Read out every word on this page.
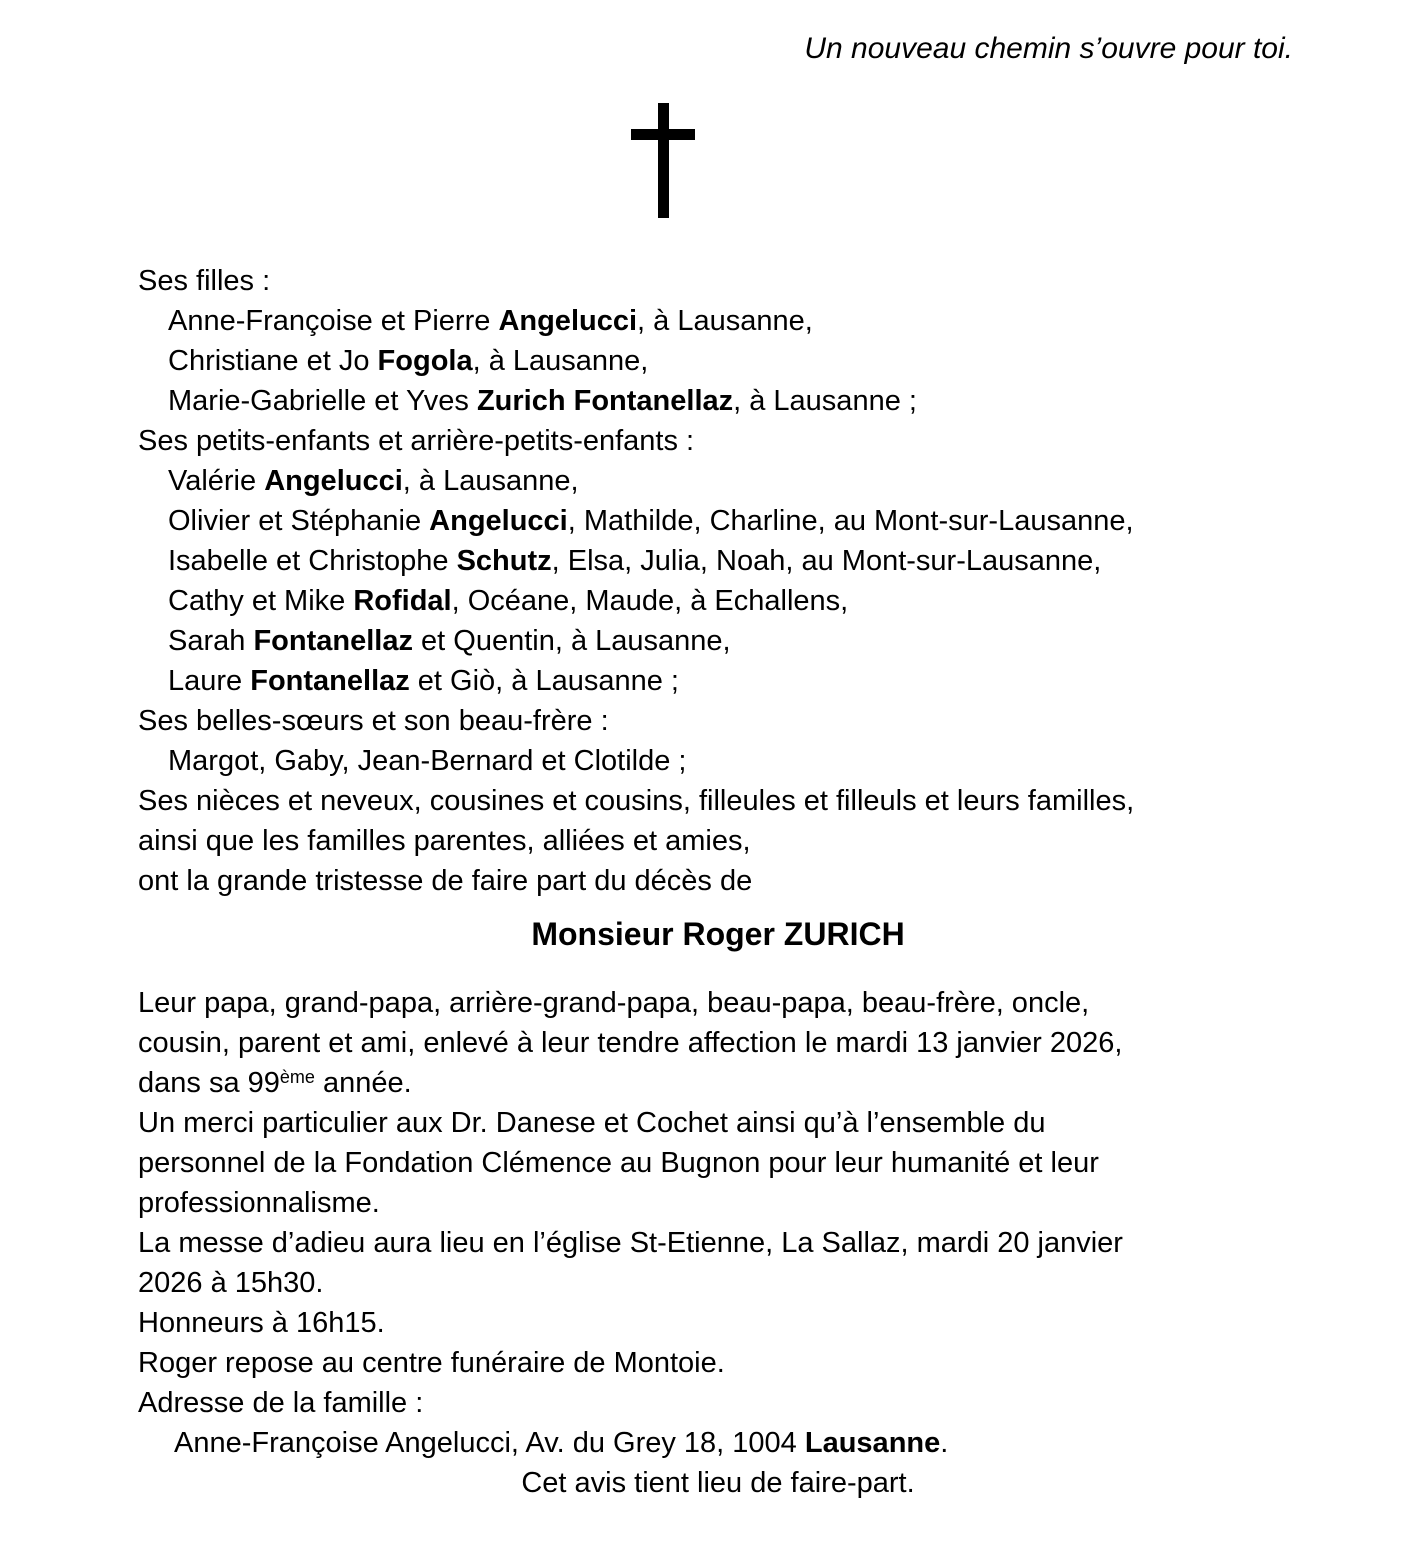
Un nouveau chemin s’ouvre pour toi.
Ses filles :
Anne-Françoise et Pierre Angelucci, à Lausanne,
Christiane et Jo Fogola, à Lausanne,
Marie-Gabrielle et Yves Zurich Fontanellaz, à Lausanne ;
Ses petits-enfants et arrière-petits-enfants :
Valérie Angelucci, à Lausanne,
Olivier et Stéphanie Angelucci, Mathilde, Charline, au Mont-sur-Lausanne,
Isabelle et Christophe Schutz, Elsa, Julia, Noah, au Mont-sur-Lausanne,
Cathy et Mike Rofidal, Océane, Maude, à Echallens,
Sarah Fontanellaz et Quentin, à Lausanne,
Laure Fontanellaz et Giò, à Lausanne ;
Ses belles-sœurs et son beau-frère :
Margot, Gaby, Jean-Bernard et Clotilde ;
Ses nièces et neveux, cousines et cousins, filleules et filleuls et leurs familles,
ainsi que les familles parentes, alliées et amies,
ont la grande tristesse de faire part du décès de
Monsieur Roger ZURICH
Leur papa, grand-papa, arrière-grand-papa, beau-papa, beau-frère, oncle,
cousin, parent et ami, enlevé à leur tendre affection le mardi 13 janvier 2026,
dans sa 99ème année.
Un merci particulier aux Dr. Danese et Cochet ainsi qu’à l’ensemble du
personnel de la Fondation Clémence au Bugnon pour leur humanité et leur
professionnalisme.
La messe d’adieu aura lieu en l’église St-Etienne, La Sallaz, mardi 20 janvier
2026 à 15h30.
Honneurs à 16h15.
Roger repose au centre funéraire de Montoie.
Adresse de la famille :
Anne-Françoise Angelucci, Av. du Grey 18, 1004 Lausanne.
Cet avis tient lieu de faire-part.
